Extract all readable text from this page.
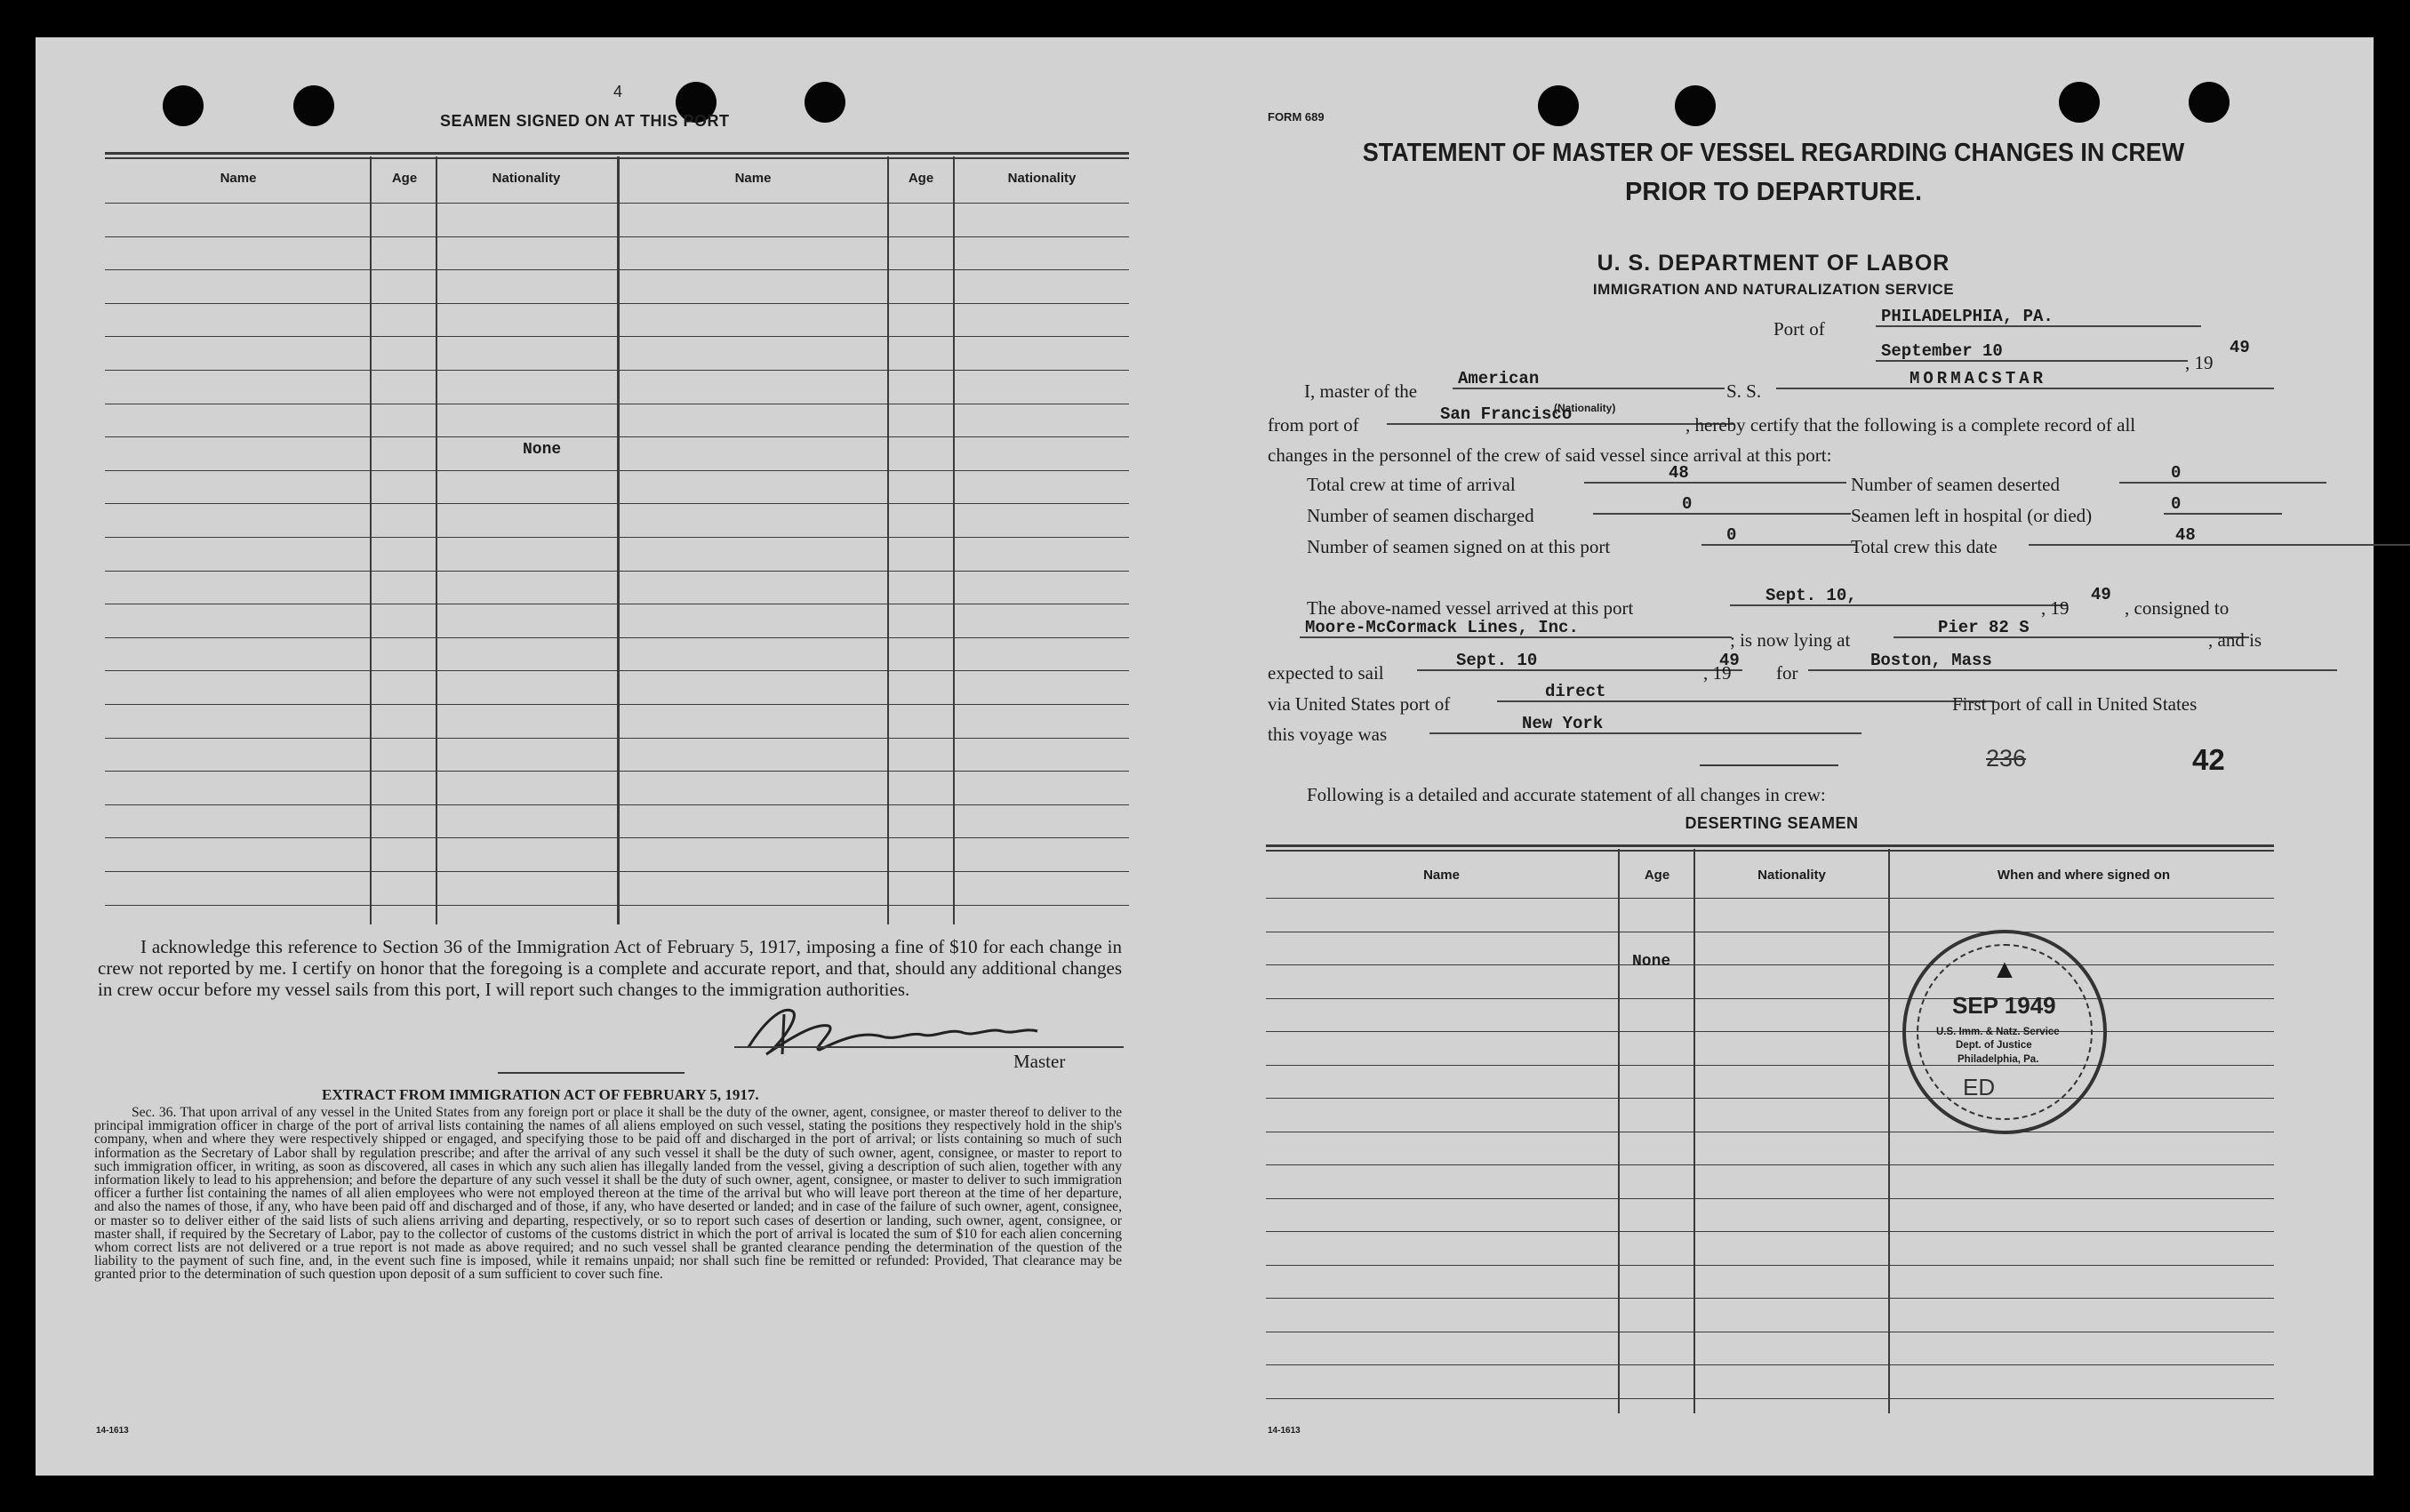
4
SEAMEN SIGNED ON AT THIS PORT
Name	Age	Nationality	Name	Age	Nationality
None
I acknowledge this reference to Section 36 of the Immigration Act of February 5, 1917, imposing a fine of $10 for each change in crew not reported by me. I certify on honor that the foregoing is a complete and accurate report, and that, should any additional changes in crew occur before my vessel sails from this port, I will report such changes to the immigration authorities.
Master
EXTRACT FROM IMMIGRATION ACT OF FEBRUARY 5, 1917.
Sec. 36. That upon arrival of any vessel in the United States from any foreign port or place it shall be the duty of the owner, agent, consignee, or master thereof to deliver to the principal immigration officer in charge of the port of arrival lists containing the names of all aliens employed on such vessel, stating the positions they respectively hold in the ship's company, when and where they were respectively shipped or engaged, and specifying those to be paid off and discharged in the port of arrival; or lists containing so much of such information as the Secretary of Labor shall by regulation prescribe; and after the arrival of any such vessel it shall be the duty of such owner, agent, consignee, or master to report to such immigration officer, in writing, as soon as discovered, all cases in which any such alien has illegally landed from the vessel, giving a description of such alien, together with any information likely to lead to his apprehension; and before the departure of any such vessel it shall be the duty of such owner, agent, consignee, or master to deliver to such immigration officer a further list containing the names of all alien employees who were not employed thereon at the time of the arrival but who will leave port thereon at the time of her departure, and also the names of those, if any, who have been paid off and discharged and of those, if any, who have deserted or landed; and in case of the failure of such owner, agent, consignee, or master so to deliver either of the said lists of such aliens arriving and departing, respectively, or so to report such cases of desertion or landing, such owner, agent, consignee, or master shall, if required by the Secretary of Labor, pay to the collector of customs of the customs district in which the port of arrival is located the sum of $10 for each alien concerning whom correct lists are not delivered or a true report is not made as above required; and no such vessel shall be granted clearance pending the determination of the question of the liability to the payment of such fine, and, in the event such fine is imposed, while it remains unpaid; nor shall such fine be remitted or refunded: Provided, That clearance may be granted prior to the determination of such question upon deposit of a sum sufficient to cover such fine.
14-1613
FORM 689
STATEMENT OF MASTER OF VESSEL REGARDING CHANGES IN CREW
PRIOR TO DEPARTURE.
U. S. DEPARTMENT OF LABOR
IMMIGRATION AND NATURALIZATION SERVICE
Port of
PHILADELPHIA, PA.
September 10
, 19
49
I, master of the
American
S. S.
MORMACSTAR
from port of	San Francisco
(Nationality)
, hereby certify that the following is a complete record of all
changes in the personnel of the crew of said vessel since arrival at this port:
Total crew at time of arrival
48
Number of seamen discharged
0
Number of seamen signed on at this port
0
Number of seamen deserted
0
Seamen left in hospital (or died)
0
Total crew this date
48
The above-named vessel arrived at this port
Sept. 10,
, 19
49
, consigned to
Moore-McCormack Lines, Inc.
; is now lying at
Pier 82 S
, and is
expected to sail
Sept. 10
, 19
49
for
Boston, Mass
via United States port of
direct
First port of call in United States
this voyage was	New York
236	42
Following is a detailed and accurate statement of all changes in crew:
DESERTING SEAMEN
Name	Age	Nationality	When and where signed on
None	▲
SEP 1949
U.S. Imm. & Natz. Service
Dept. of Justice
Philadelphia, Pa.
ED
14-1613
